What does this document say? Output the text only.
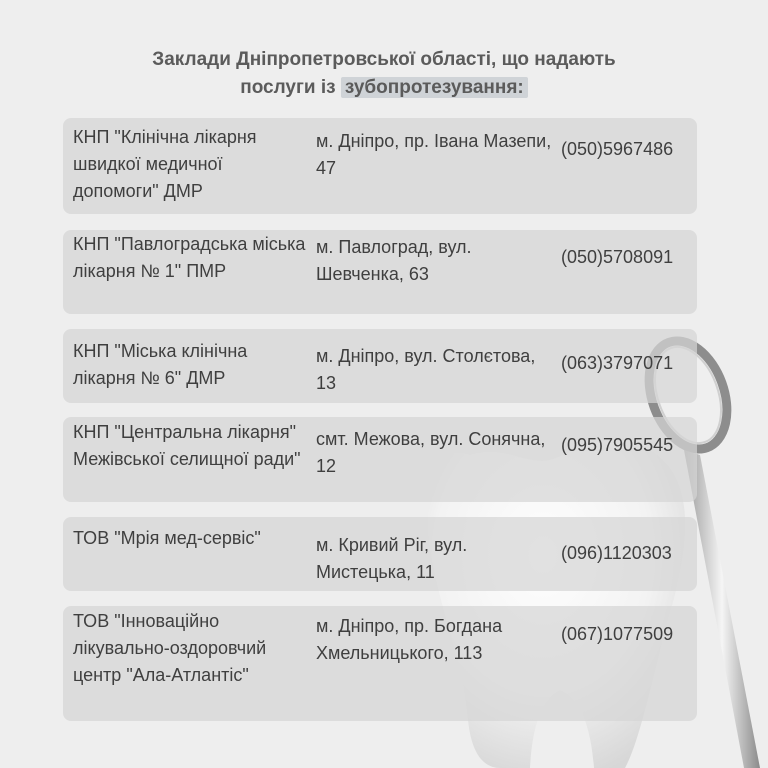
Заклади Дніпропетровської області, що надають
послуги із зубопротезування:
КНП "Клінічна лікарня швидкої медичної допомоги" ДМР
м. Дніпро, пр. Івана Мазепи, 47
(050)5967486
КНП "Павлоградська міська лікарня № 1" ПМР
м. Павлоград, вул. Шевченка, 63
(050)5708091
КНП "Міська клінічна лікарня № 6" ДМР
м. Дніпро, вул. Столєтова, 13
(063)3797071
КНП "Центральна лікарня" Межівської селищної ради"
смт. Межова, вул. Сонячна, 12
(095)7905545
ТОВ "Мрія мед-сервіс"	м. Кривий Ріг, вул. Мистецька, 11
(096)1120303
ТОВ "Інноваційно лікувально-оздоровчий центр "Ала-Атлантіс"
м. Дніпро, пр. Богдана Хмельницького, 113
(067)1077509
